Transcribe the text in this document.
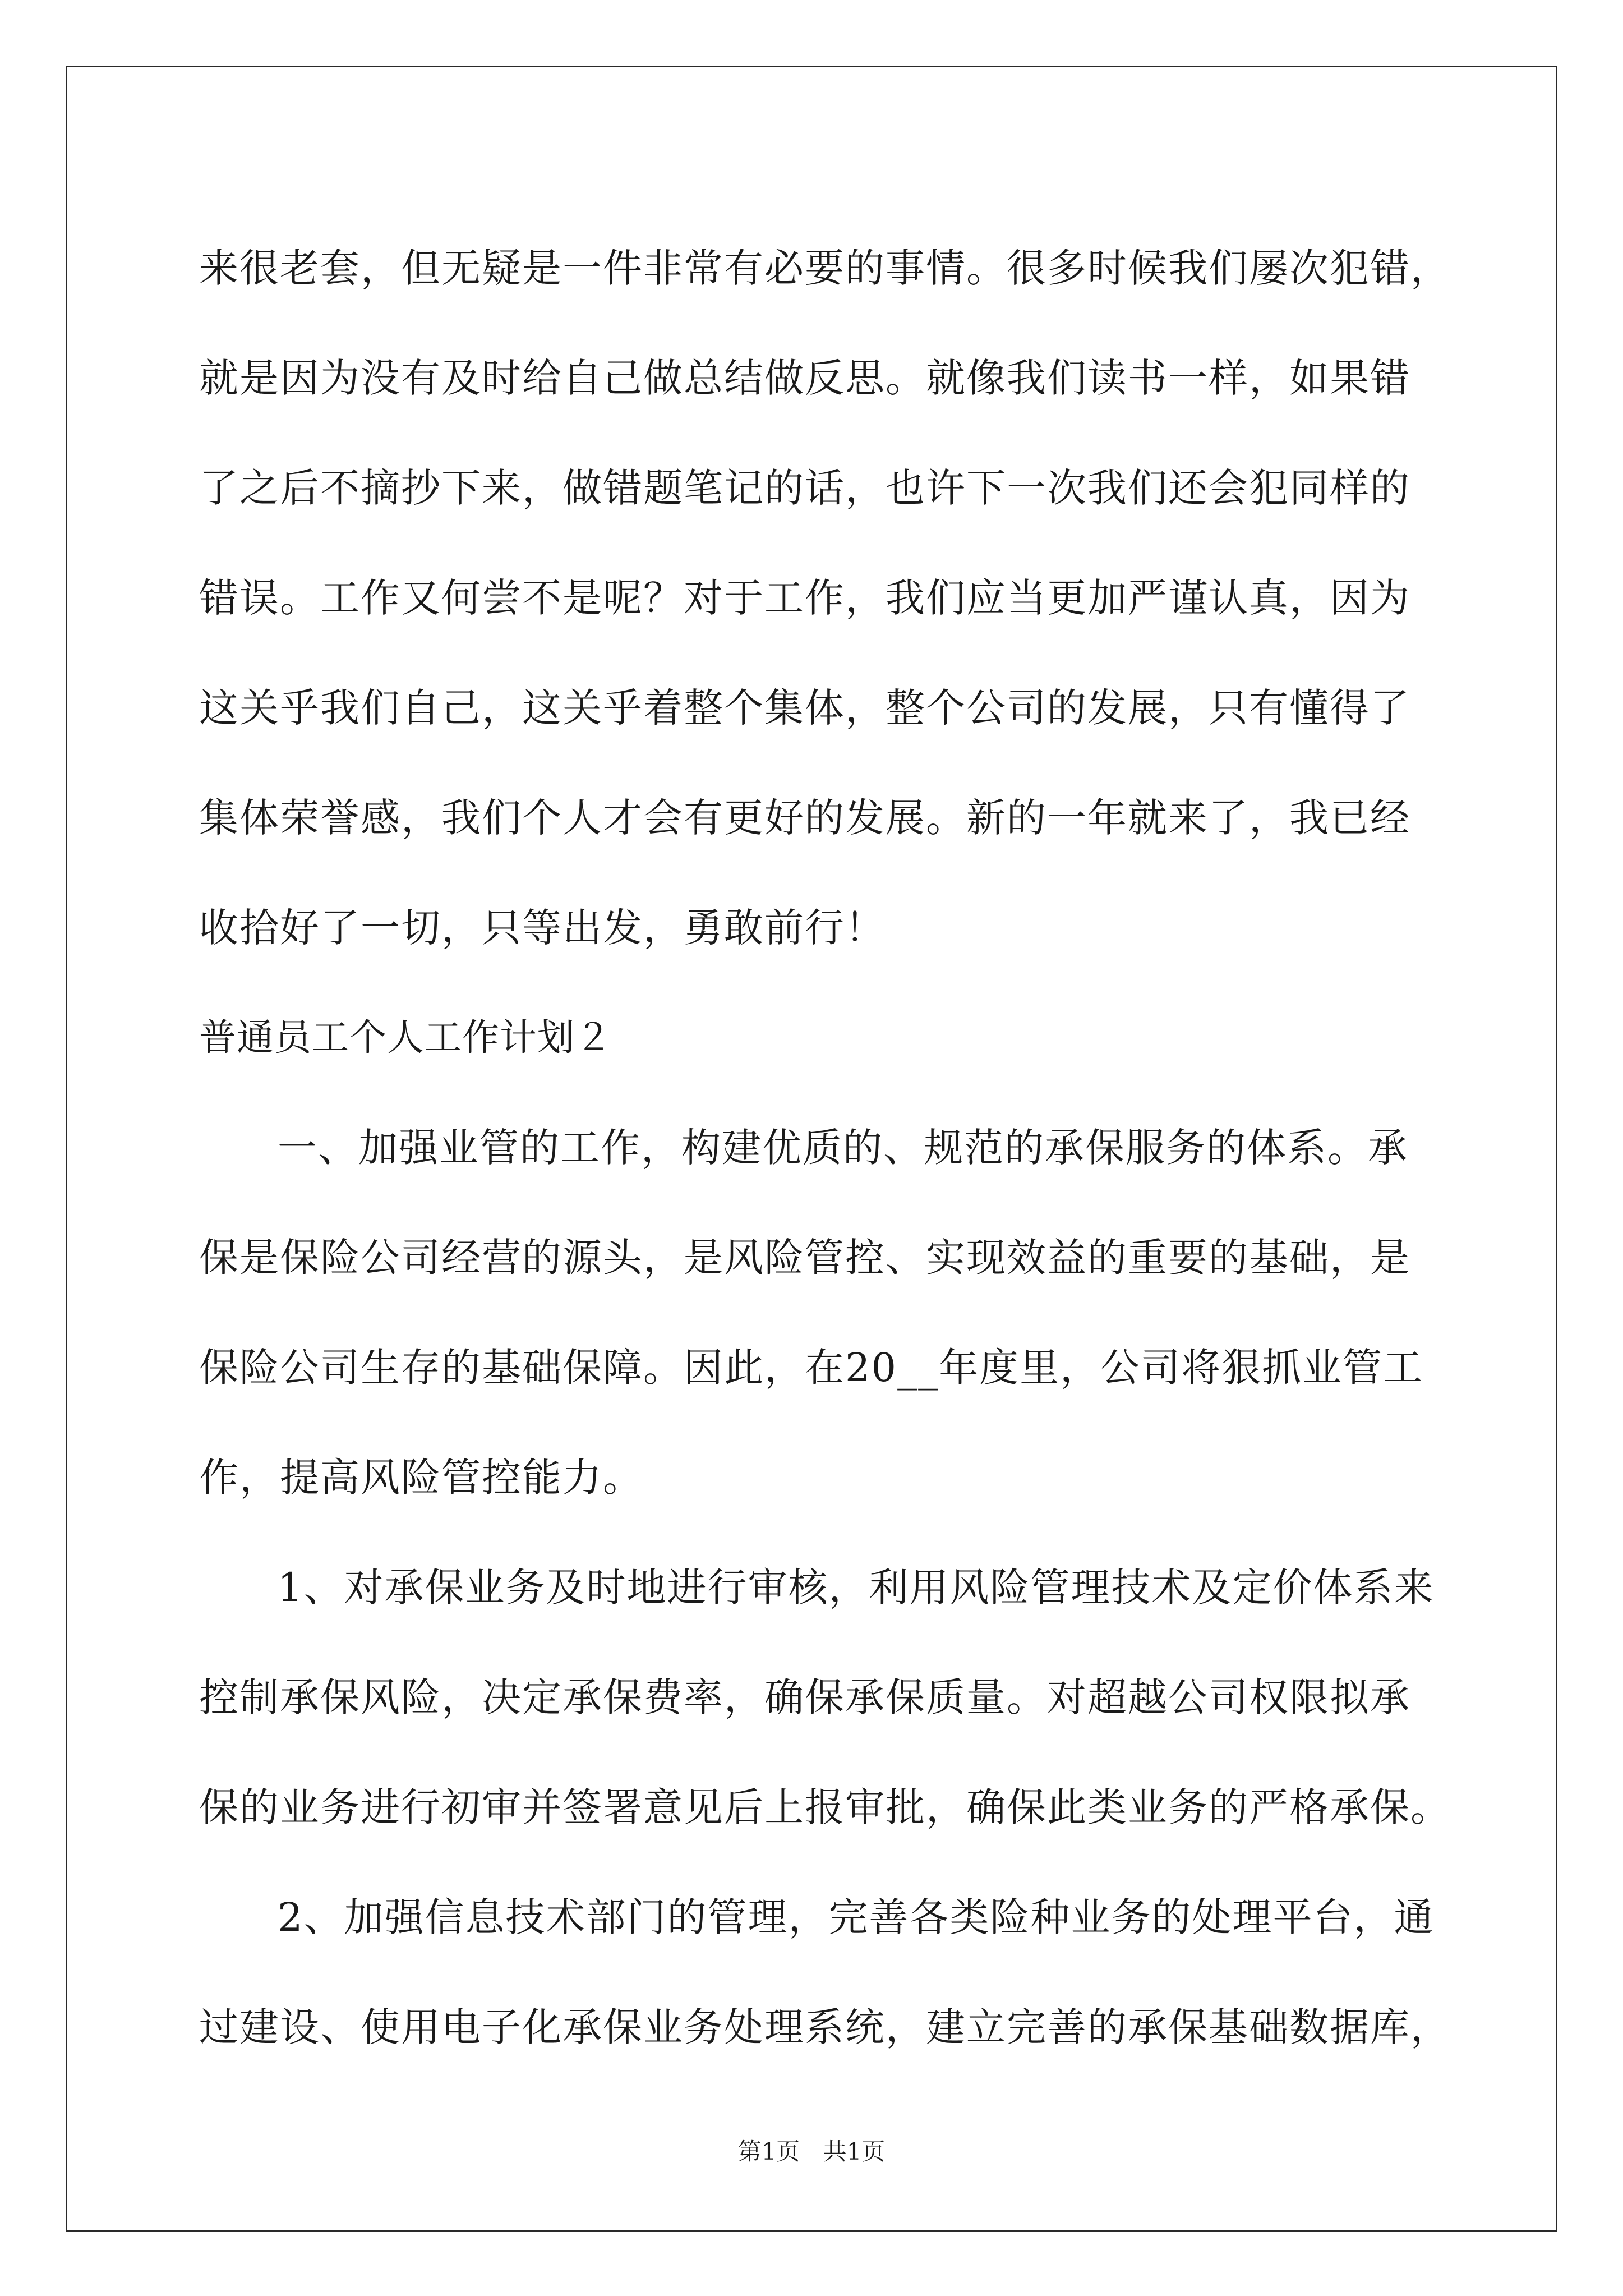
来很老套，但无疑是一件非常有必要的事情。很多时候我们屡次犯错，
就是因为没有及时给自己做总结做反思。就像我们读书一样，如果错
了之后不摘抄下来，做错题笔记的话，也许下一次我们还会犯同样的
错误。工作又何尝不是呢？对于工作，我们应当更加严谨认真，因为
这关乎我们自己，这关乎着整个集体，整个公司的发展，只有懂得了
集体荣誉感，我们个人才会有更好的发展。新的一年就来了，我已经
收拾好了一切，只等出发，勇敢前行！
普通员工个人工作计划２
一、加强业管的工作，构建优质的、规范的承保服务的体系。承
保是保险公司经营的源头，是风险管控、实现效益的重要的基础，是
保险公司生存的基础保障。因此，在20__年度里，公司将狠抓业管工
作，提高风险管控能力。
1、对承保业务及时地进行审核，利用风险管理技术及定价体系来
控制承保风险，决定承保费率，确保承保质量。对超越公司权限拟承
保的业务进行初审并签署意见后上报审批，确保此类业务的严格承保。
2、加强信息技术部门的管理，完善各类险种业务的处理平台，通
过建设、使用电子化承保业务处理系统，建立完善的承保基础数据库，
第1页 共1页
